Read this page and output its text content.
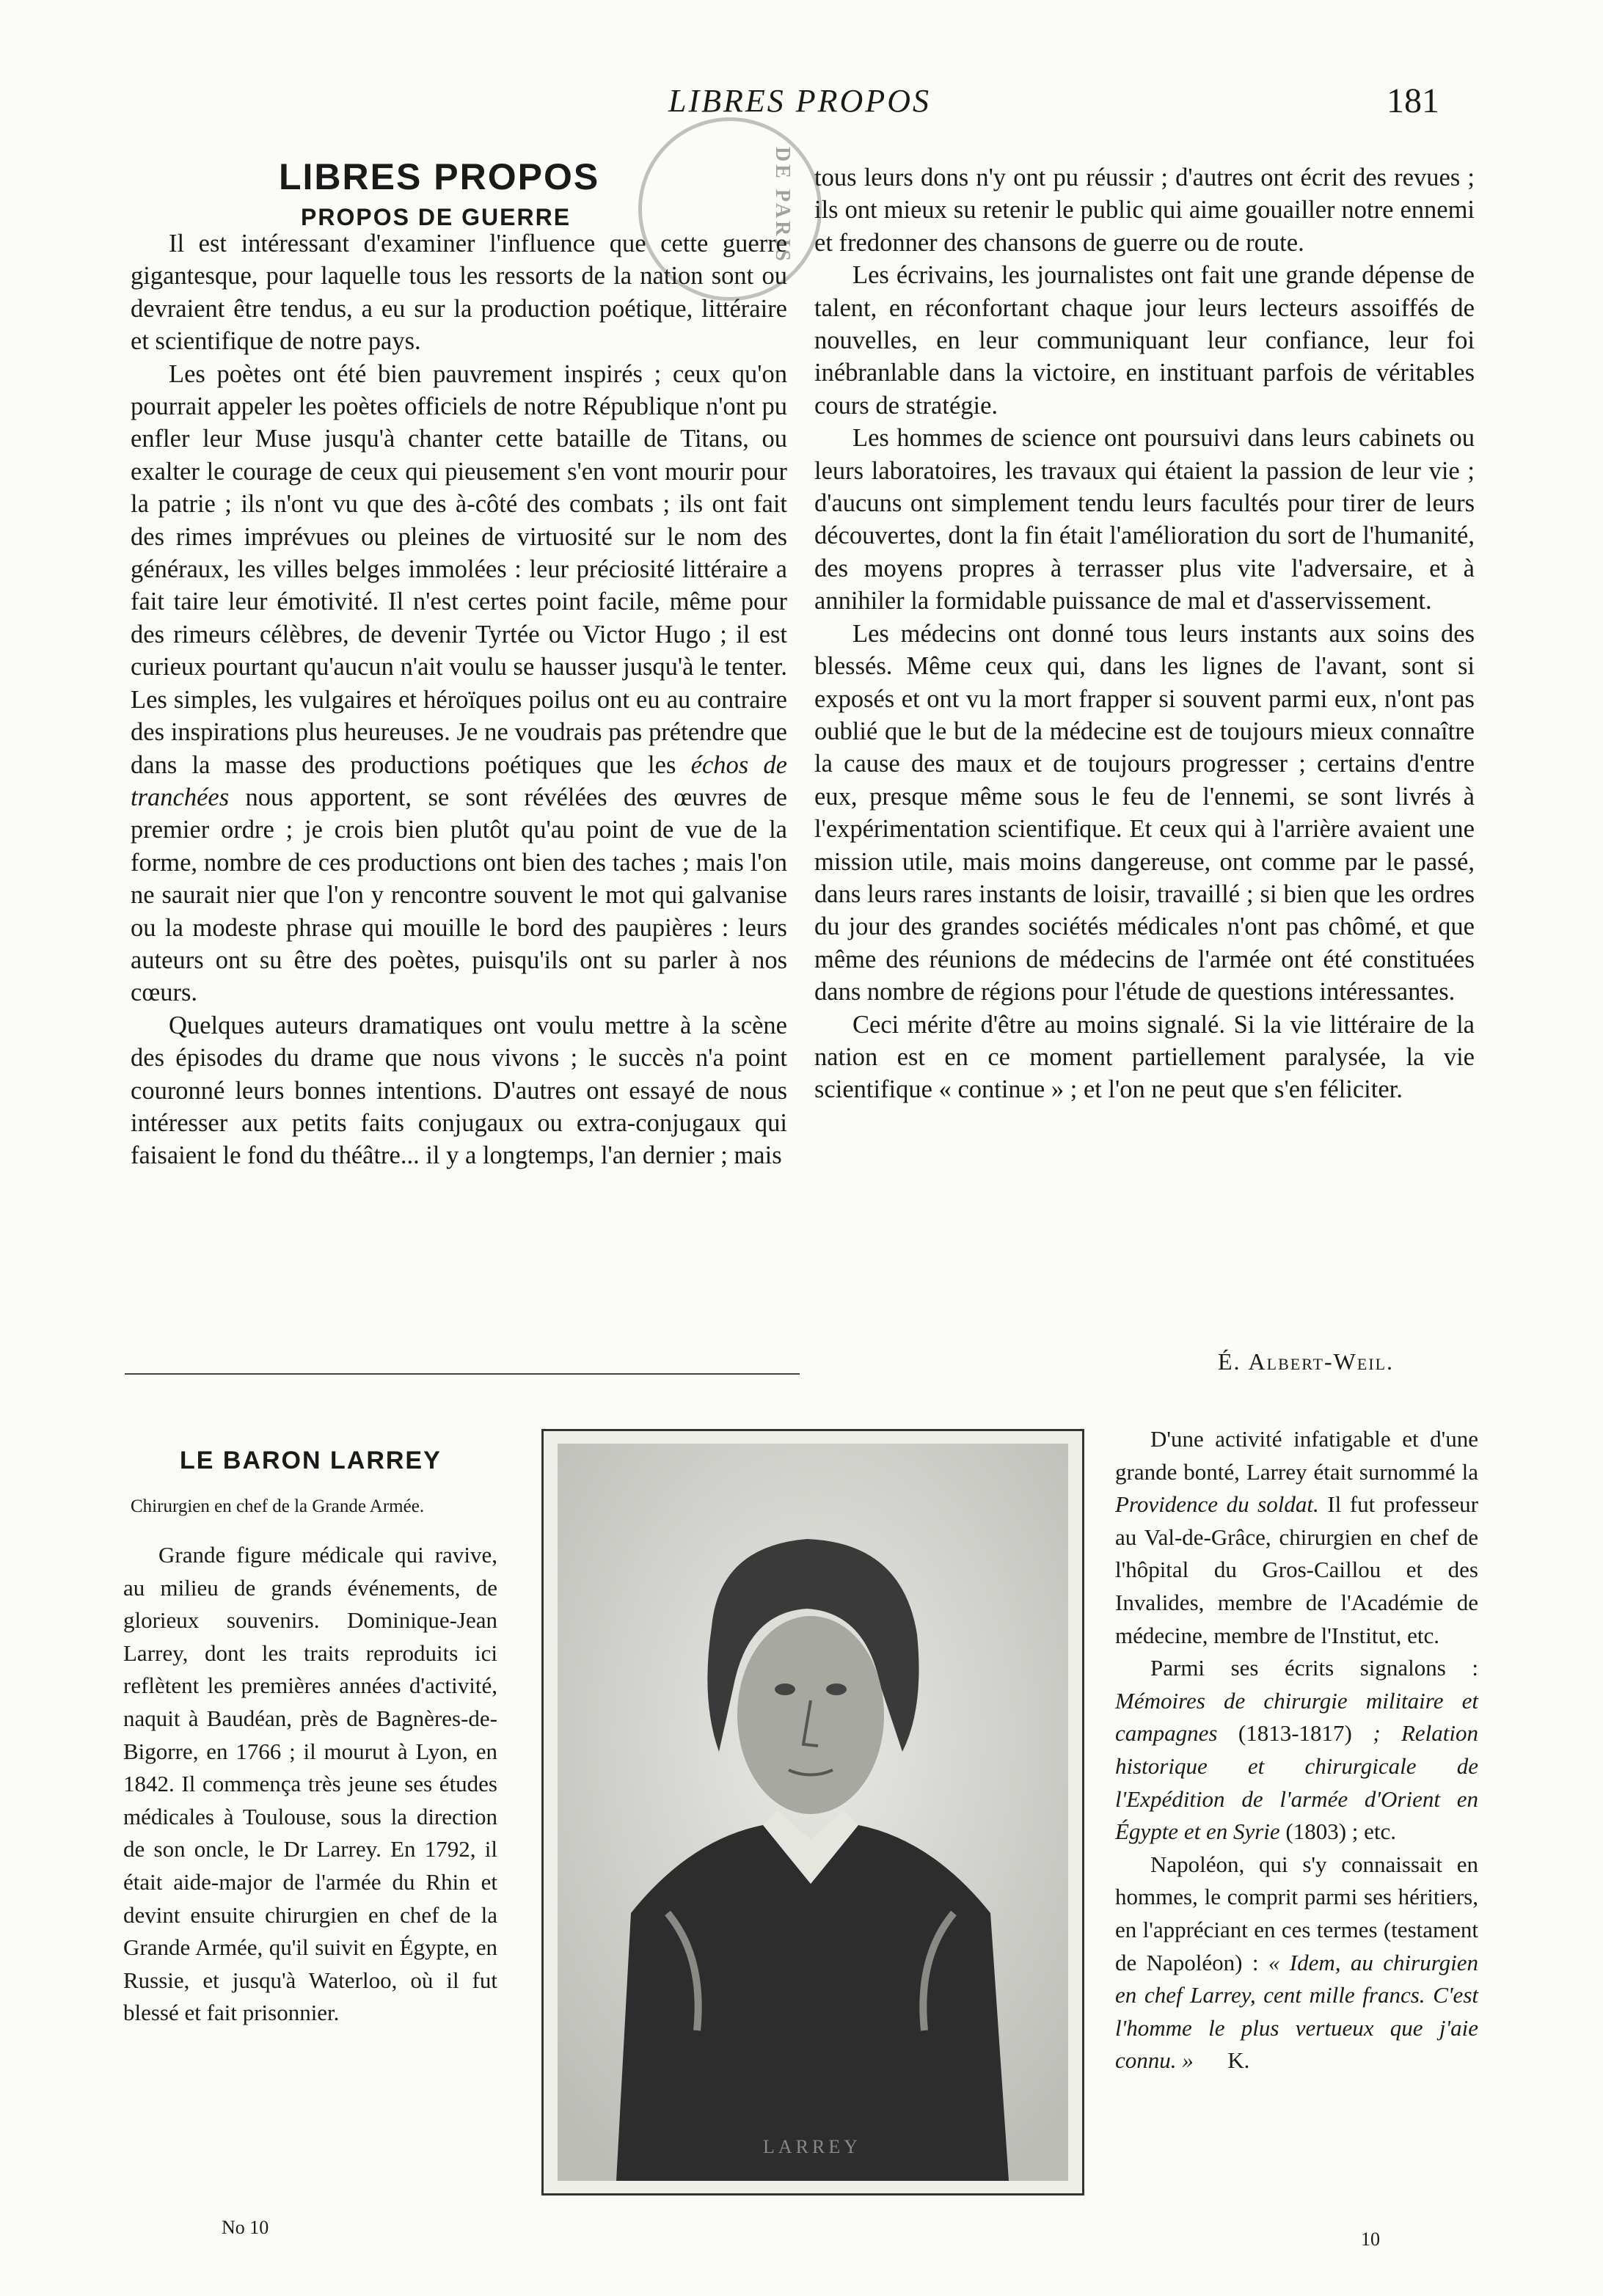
LIBRES PROPOS	181
DE PARIS
LIBRES PROPOS
PROPOS DE GUERRE

Il est intéressant d'examiner l'influence que cette guerre gigantesque, pour laquelle tous les ressorts de la nation sont ou devraient être tendus, a eu sur la production poétique, littéraire et scientifique de notre pays.

Les poètes ont été bien pauvrement inspirés ; ceux qu'on pourrait appeler les poètes officiels de notre République n'ont pu enfler leur Muse jusqu'à chanter cette bataille de Titans, ou exalter le courage de ceux qui pieusement s'en vont mourir pour la patrie ; ils n'ont vu que des à-côté des combats ; ils ont fait des rimes imprévues ou pleines de virtuosité sur le nom des généraux, les villes belges immolées : leur préciosité littéraire a fait taire leur émotivité. Il n'est certes point facile, même pour des rimeurs célèbres, de devenir Tyrtée ou Victor Hugo ; il est curieux pourtant qu'aucun n'ait voulu se hausser jusqu'à le tenter. Les simples, les vulgaires et héroïques poilus ont eu au contraire des inspirations plus heureuses. Je ne voudrais pas prétendre que dans la masse des productions poétiques que les échos de tranchées nous apportent, se sont révélées des œuvres de premier ordre ; je crois bien plutôt qu'au point de vue de la forme, nombre de ces productions ont bien des taches ; mais l'on ne saurait nier que l'on y rencontre souvent le mot qui galvanise ou la modeste phrase qui mouille le bord des paupières : leurs auteurs ont su être des poètes, puisqu'ils ont su parler à nos cœurs.

Quelques auteurs dramatiques ont voulu mettre à la scène des épisodes du drame que nous vivons ; le succès n'a point couronné leurs bonnes intentions. D'autres ont essayé de nous intéresser aux petits faits conjugaux ou extra-conjugaux qui faisaient le fond du théâtre... il y a longtemps, l'an dernier ; mais

tous leurs dons n'y ont pu réussir ; d'autres ont écrit des revues ; ils ont mieux su retenir le public qui aime gouailler notre ennemi et fredonner des chansons de guerre ou de route.

Les écrivains, les journalistes ont fait une grande dépense de talent, en réconfortant chaque jour leurs lecteurs assoiffés de nouvelles, en leur communiquant leur confiance, leur foi inébranlable dans la victoire, en instituant parfois de véritables cours de stratégie.

Les hommes de science ont poursuivi dans leurs cabinets ou leurs laboratoires, les travaux qui étaient la passion de leur vie ; d'aucuns ont simplement tendu leurs facultés pour tirer de leurs découvertes, dont la fin était l'amélioration du sort de l'humanité, des moyens propres à terrasser plus vite l'adversaire, et à annihiler la formidable puissance de mal et d'asservissement.

Les médecins ont donné tous leurs instants aux soins des blessés. Même ceux qui, dans les lignes de l'avant, sont si exposés et ont vu la mort frapper si souvent parmi eux, n'ont pas oublié que le but de la médecine est de toujours mieux connaître la cause des maux et de toujours progresser ; certains d'entre eux, presque même sous le feu de l'ennemi, se sont livrés à l'expérimentation scientifique. Et ceux qui à l'arrière avaient une mission utile, mais moins dangereuse, ont comme par le passé, dans leurs rares instants de loisir, travaillé ; si bien que les ordres du jour des grandes sociétés médicales n'ont pas chômé, et que même des réunions de médecins de l'armée ont été constituées dans nombre de régions pour l'étude de questions intéressantes.

Ceci mérite d'être au moins signalé. Si la vie littéraire de la nation est en ce moment partiellement paralysée, la vie scientifique « continue » ; et l'on ne peut que s'en féliciter.

É. Albert-Weil.
LE BARON LARREY
Chirurgien en chef de la Grande Armée.

Grande figure médicale qui ravive, au milieu de grands événements, de glorieux souvenirs. Dominique-Jean Larrey, dont les traits reproduits ici reflètent les premières années d'activité, naquit à Baudéan, près de Bagnères-de-Bigorre, en 1766 ; il mourut à Lyon, en 1842. Il commença très jeune ses études médicales à Toulouse, sous la direction de son oncle, le Dr Larrey. En 1792, il était aide-major de l'armée du Rhin et devint ensuite chirurgien en chef de la Grande Armée, qu'il suivit en Égypte, en Russie, et jusqu'à Waterloo, où il fut blessé et fait prisonnier.

LARREY

D'une activité infatigable et d'une grande bonté, Larrey était surnommé la Providence du soldat. Il fut professeur au Val-de-Grâce, chirurgien en chef de l'hôpital du Gros-Caillou et des Invalides, membre de l'Académie de médecine, membre de l'Institut, etc.

Parmi ses écrits signalons : Mémoires de chirurgie militaire et campagnes (1813-1817) ; Relation historique et chirurgicale de l'Expédition de l'armée d'Orient en Égypte et en Syrie (1803) ; etc.

Napoléon, qui s'y connaissait en hommes, le comprit parmi ses héritiers, en l'appréciant en ces termes (testament de Napoléon) : « Idem, au chirurgien en chef Larrey, cent mille francs. C'est l'homme le plus vertueux que j'aie connu. » K.

No 10
10
